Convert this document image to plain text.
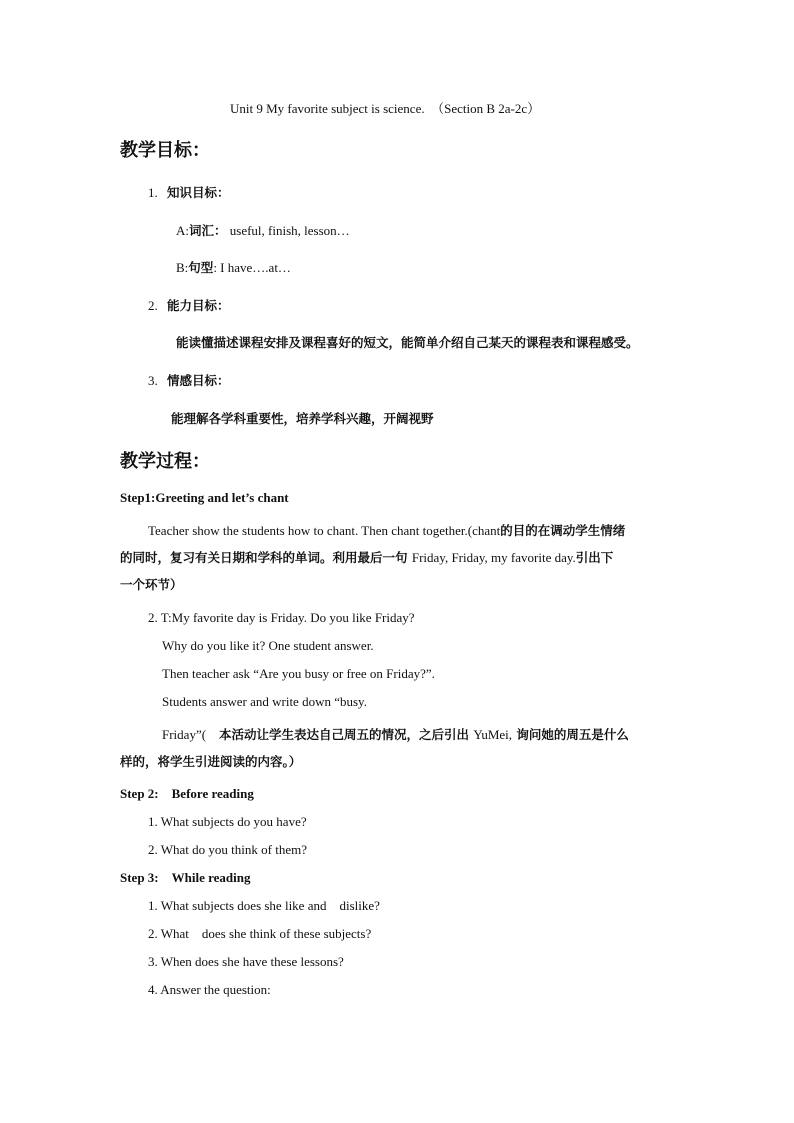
Unit 9 My favorite subject is science.　（Section B 2a-2c）
教学目标：
1. 知识目标：
A:词汇： useful, finish, lesson…
B:句型: I have….at…
2. 能力目标：
能读懂描述课程安排及课程喜好的短文，能简单介绍自己某天的课程表和课程感受。
3. 情感目标：
能理解各学科重要性，培养学科兴趣，开阔视野
教学过程：
Step1:Greeting and let’s chant
Teacher show the students how to chant. Then chant together.(chant的目的在调动学生情绪
的同时，复习有关日期和学科的单词。利用最后一句 Friday, Friday, my favorite day.引出下
一个环节）
2. T:My favorite day is Friday. Do you like Friday?
Why do you like it? One student answer.
Then teacher ask “Are you busy or free on Friday?”.
Students answer and write down “busy.
Friday”(　本活动让学生表达自己周五的情况，之后引出 YuMei, 询问她的周五是什么
样的，将学生引进阅读的内容。）
Step 2:　Before reading
1. What subjects do you have?
2. What do you think of them?
Step 3:　While reading
1. What subjects does she like and　dislike?
2. What　does she think of these subjects?
3. When does she have these lessons?
4. Answer the question:
